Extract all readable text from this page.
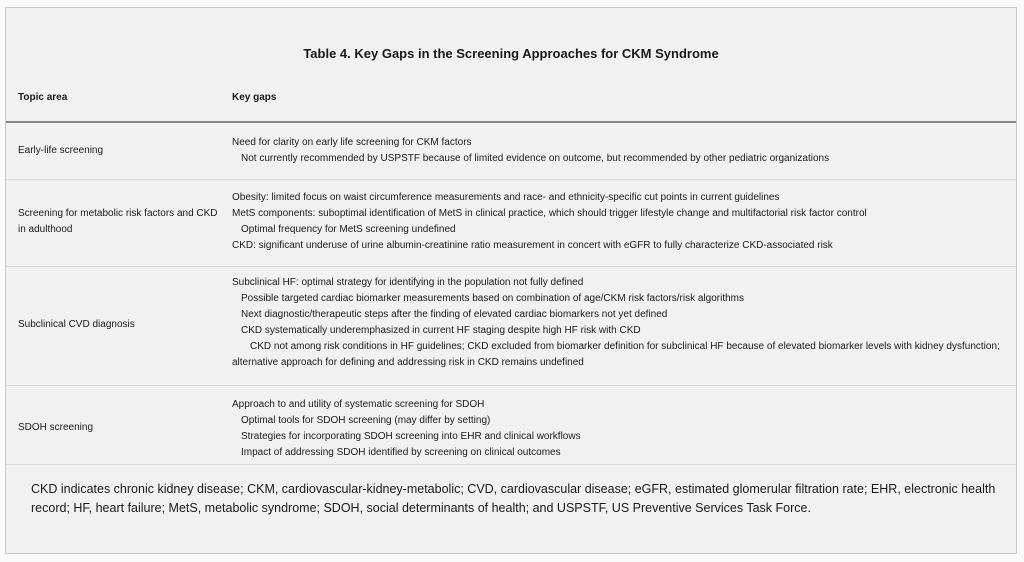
Table 4. Key Gaps in the Screening Approaches for CKM Syndrome
Topic area	Key gaps
Early-life screening
Need for clarity on early life screening for CKM factors
Not currently recommended by USPSTF because of limited evidence on outcome, but recommended by other pediatric organizations
Screening for metabolic risk factors and CKD in adulthood
Obesity: limited focus on waist circumference measurements and race- and ethnicity-specific cut points in current guidelines
MetS components: suboptimal identification of MetS in clinical practice, which should trigger lifestyle change and multifactorial risk factor control
Optimal frequency for MetS screening undefined
CKD: significant underuse of urine albumin-creatinine ratio measurement in concert with eGFR to fully characterize CKD-associated risk
Subclinical CVD diagnosis
Subclinical HF: optimal strategy for identifying in the population not fully defined
Possible targeted cardiac biomarker measurements based on combination of age/CKM risk factors/risk algorithms
Next diagnostic/therapeutic steps after the finding of elevated cardiac biomarkers not yet defined
CKD systematically underemphasized in current HF staging despite high HF risk with CKD
CKD not among risk conditions in HF guidelines; CKD excluded from biomarker definition for subclinical HF because of elevated biomarker levels with kidney dysfunction; alternative approach for defining and addressing risk in CKD remains undefined
SDOH screening
Approach to and utility of systematic screening for SDOH
Optimal tools for SDOH screening (may differ by setting)
Strategies for incorporating SDOH screening into EHR and clinical workflows
Impact of addressing SDOH identified by screening on clinical outcomes
CKD indicates chronic kidney disease; CKM, cardiovascular-kidney-metabolic; CVD, cardiovascular disease; eGFR, estimated glomerular filtration rate; EHR, electronic health record; HF, heart failure; MetS, metabolic syndrome; SDOH, social determinants of health; and USPSTF, US Preventive Services Task Force.
